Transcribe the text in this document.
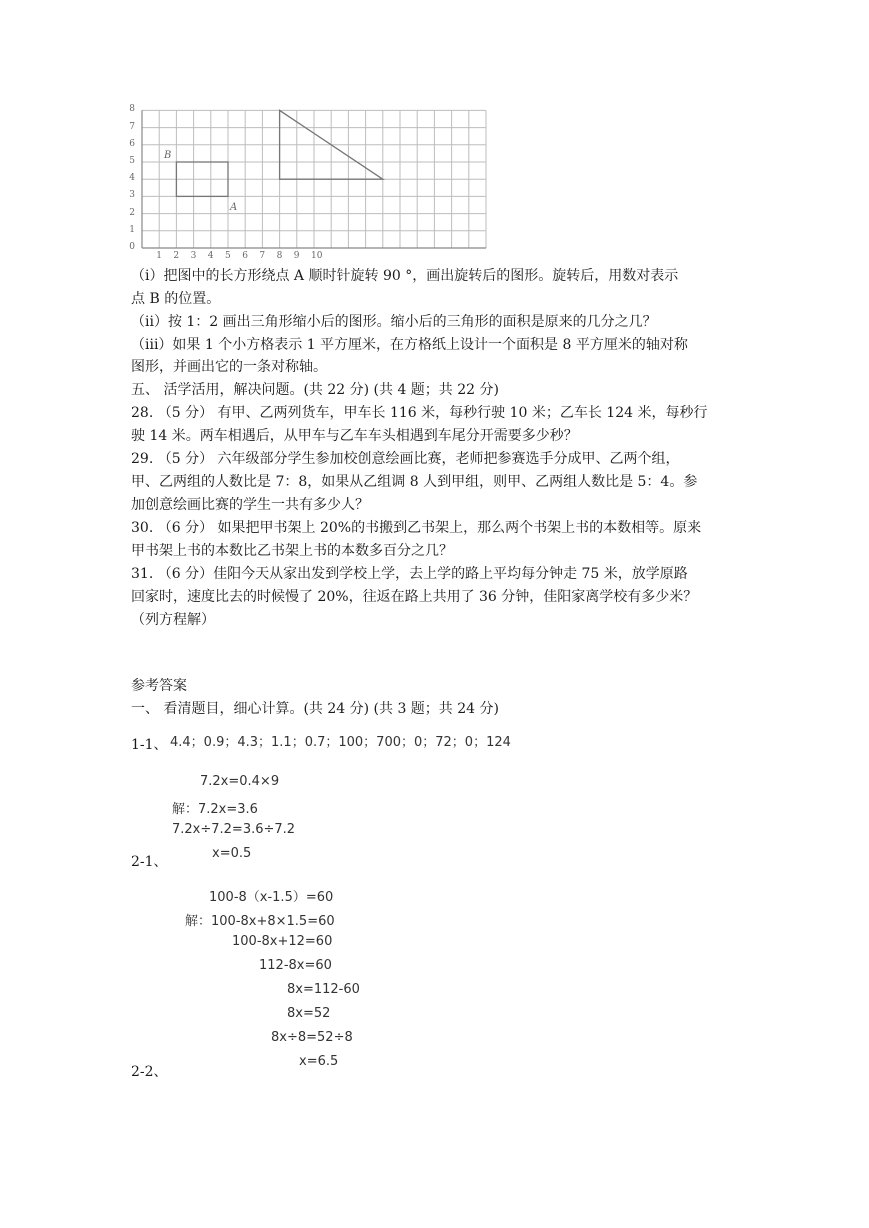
0
1
2
3
4
5
6
7
8
1 2 3 4 5 6 7 8 9 10
B
A
（i）把图中的长方形绕点 A 顺时针旋转 90 °，画出旋转后的图形。旋转后，用数对表示
点 B 的位置。
（ii）按 1：2 画出三角形缩小后的图形。缩小后的三角形的面积是原来的几分之几？
（iii）如果 1 个小方格表示 1 平方厘米，在方格纸上设计一个面积是 8 平方厘米的轴对称
图形，并画出它的一条对称轴。
五、 活学活用，解决问题。(共 22 分) (共 4 题；共 22 分)
28. （5 分） 有甲、乙两列货车，甲车长 116 米，每秒行驶 10 米；乙车长 124 米，每秒行
驶 14 米。两车相遇后，从甲车与乙车车头相遇到车尾分开需要多少秒？
29. （5 分） 六年级部分学生参加校创意绘画比赛，老师把参赛选手分成甲、乙两个组，
甲、乙两组的人数比是 7：8，如果从乙组调 8 人到甲组，则甲、乙两组人数比是 5：4。参
加创意绘画比赛的学生一共有多少人？
30. （6 分） 如果把甲书架上 20%的书搬到乙书架上，那么两个书架上书的本数相等。原来
甲书架上书的本数比乙书架上书的本数多百分之几？
31. （6 分）佳阳今天从家出发到学校上学，去上学的路上平均每分钟走 75 米，放学原路
回家时，速度比去的时候慢了 20%，往返在路上共用了 36 分钟，佳阳家离学校有多少米？
（列方程解）
参考答案
一、 看清题目，细心计算。(共 24 分) (共 3 题；共 24 分)
1-1、 4.4；0.9；4.3；1.1；0.7；100；700；0；72；0；124
7.2x=0.4×9
解：7.2x=3.6
7.2x÷7.2=3.6÷7.2
x=0.5
2-1、
100-8（x-1.5）=60
解：100-8x+8×1.5=60
100-8x+12=60
112-8x=60
8x=112-60
8x=52
8x÷8=52÷8
x=6.5
2-2、
